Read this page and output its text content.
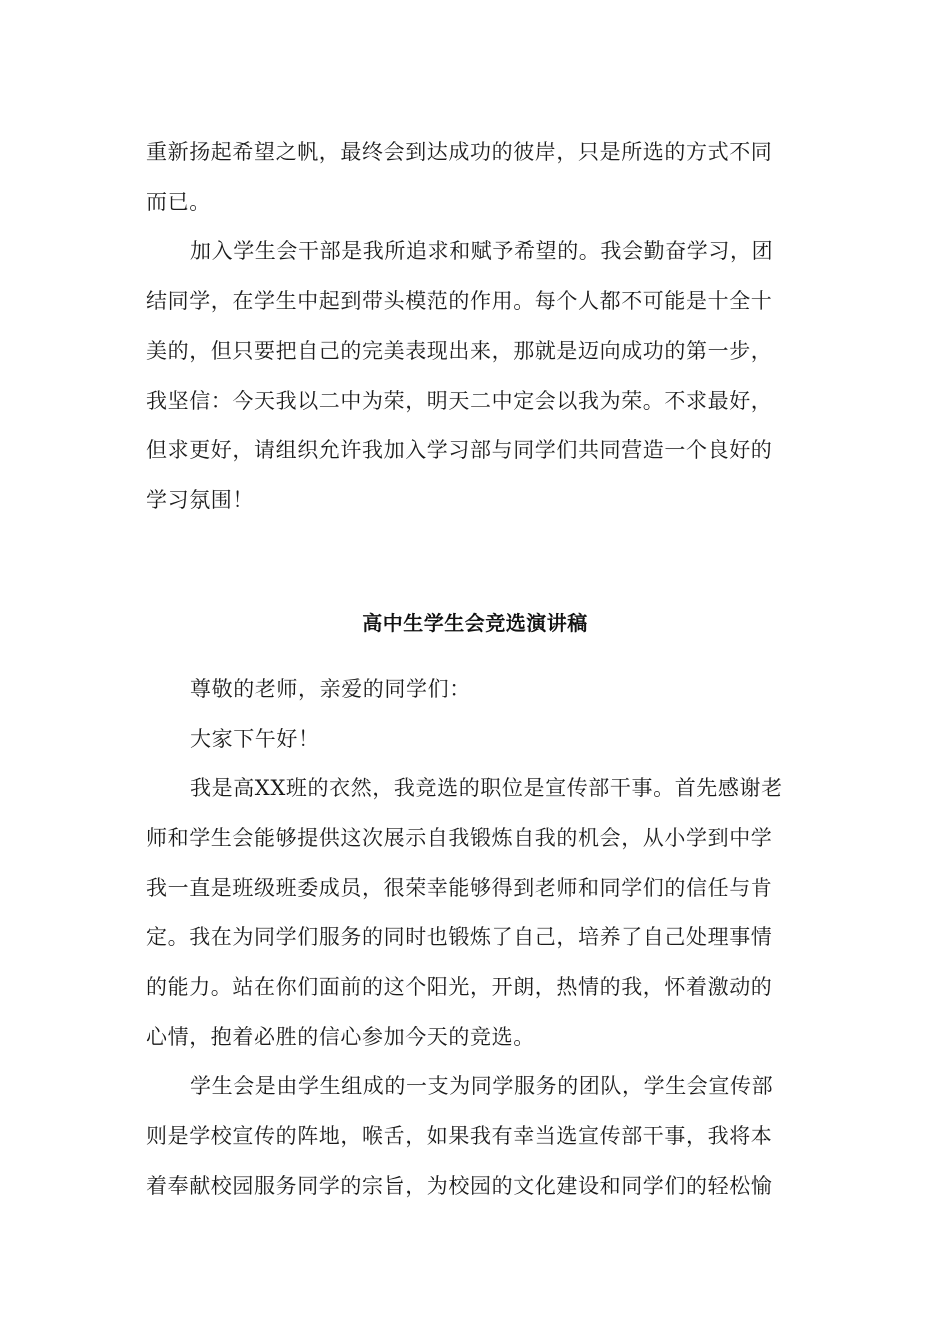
重新扬起希望之帆，最终会到达成功的彼岸，只是所选的方式不同
而已。
加入学生会干部是我所追求和赋予希望的。我会勤奋学习，团
结同学，在学生中起到带头模范的作用。每个人都不可能是十全十
美的，但只要把自己的完美表现出来，那就是迈向成功的第一步，
我坚信：今天我以二中为荣，明天二中定会以我为荣。不求最好，
但求更好，请组织允许我加入学习部与同学们共同营造一个良好的
学习氛围！
高中生学生会竞选演讲稿
尊敬的老师，亲爱的同学们：
大家下午好！
我是高XX班的衣然，我竞选的职位是宣传部干事。首先感谢老
师和学生会能够提供这次展示自我锻炼自我的机会，从小学到中学
我一直是班级班委成员，很荣幸能够得到老师和同学们的信任与肯
定。我在为同学们服务的同时也锻炼了自己，培养了自己处理事情
的能力。站在你们面前的这个阳光，开朗，热情的我，怀着激动的
心情，抱着必胜的信心参加今天的竞选。
学生会是由学生组成的一支为同学服务的团队，学生会宣传部
则是学校宣传的阵地，喉舌，如果我有幸当选宣传部干事，我将本
着奉献校园服务同学的宗旨，为校园的文化建设和同学们的轻松愉
